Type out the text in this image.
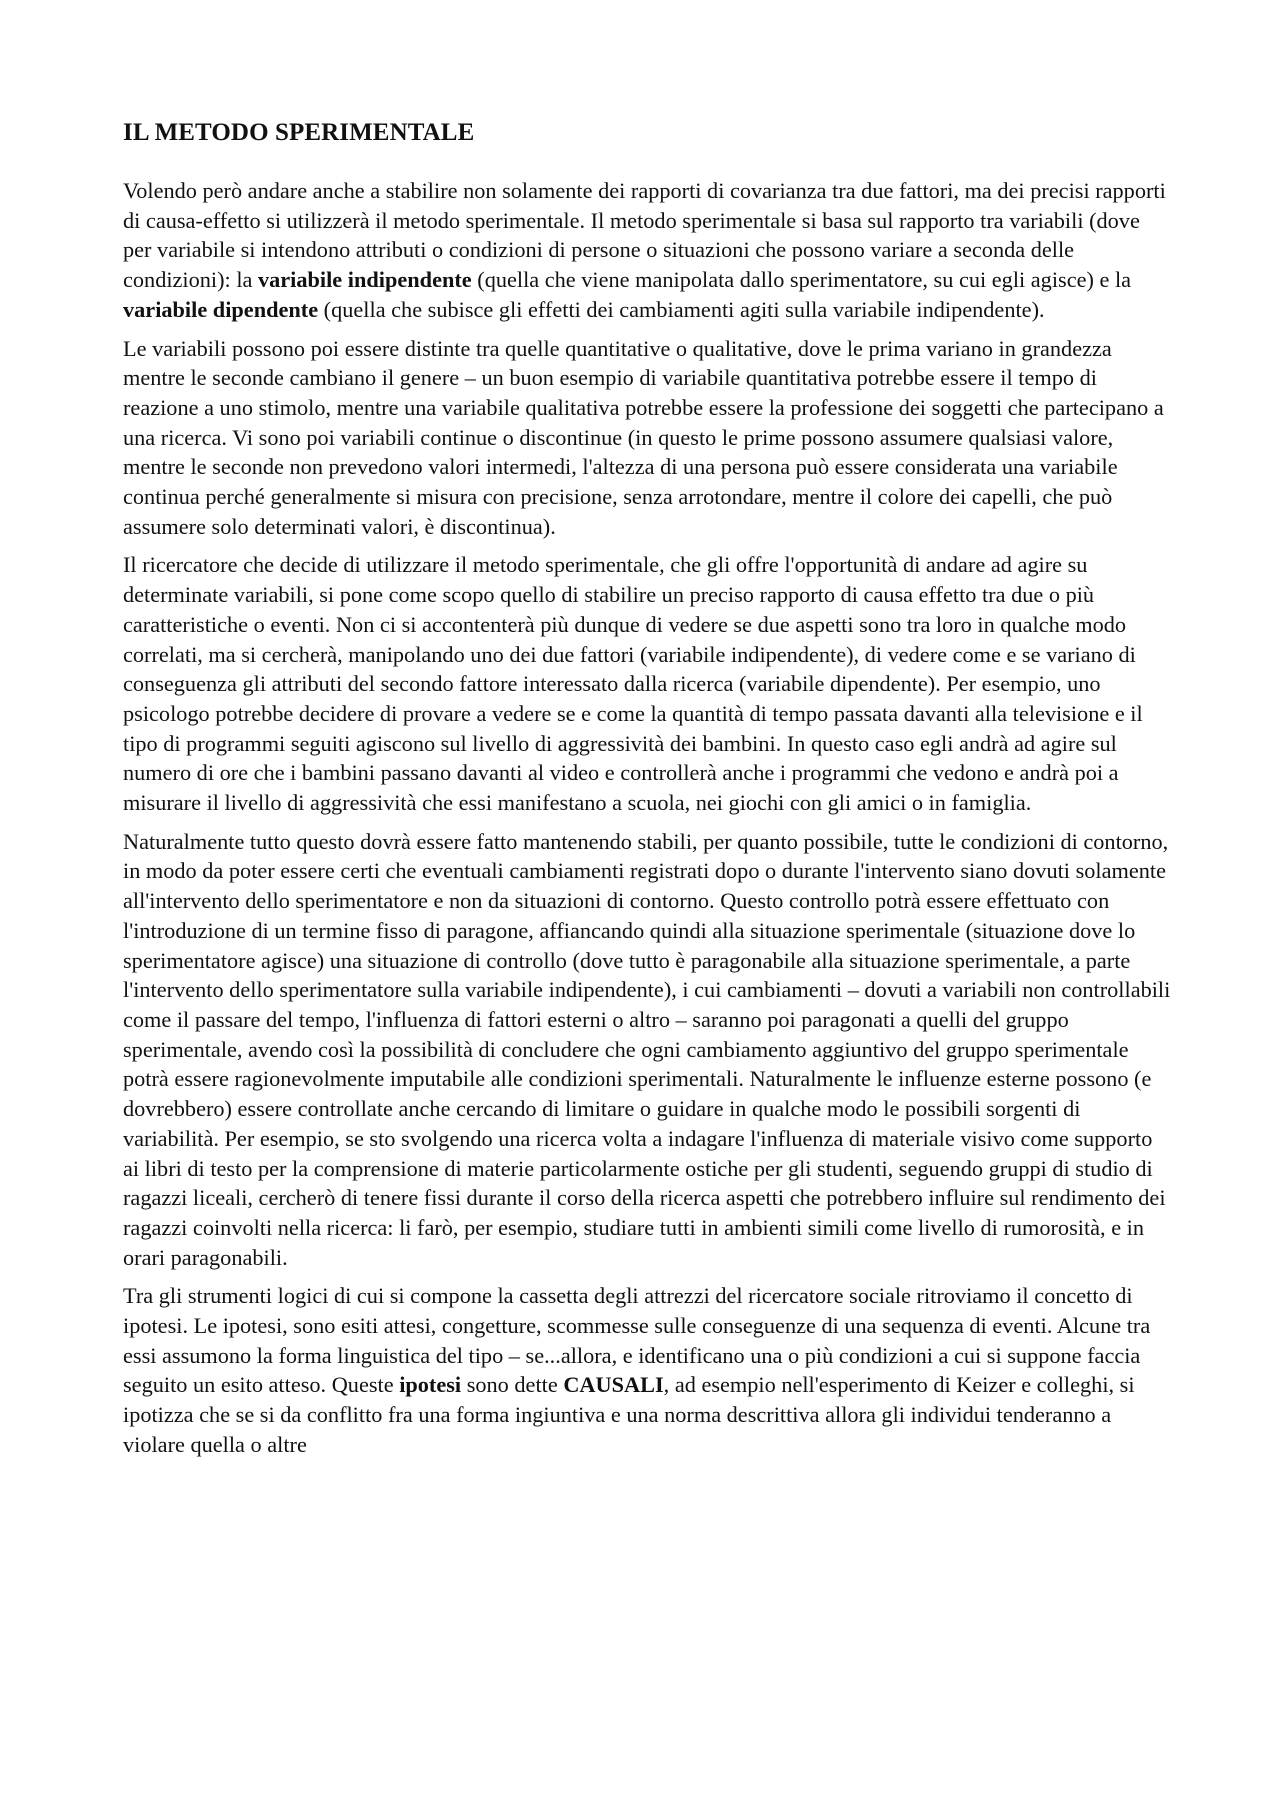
IL METODO SPERIMENTALE

Volendo però andare anche a stabilire non solamente dei rapporti di covarianza tra due fattori, ma dei precisi rapporti di causa-effetto si utilizzerà il metodo sperimentale. Il metodo sperimentale si basa sul rapporto tra variabili (dove per variabile si intendono attributi o condizioni di persone o situazioni che possono variare a seconda delle condizioni): la variabile indipendente (quella che viene manipolata dallo sperimentatore, su cui egli agisce) e la variabile dipendente (quella che subisce gli effetti dei cambiamenti agiti sulla variabile indipendente).

Le variabili possono poi essere distinte tra quelle quantitative o qualitative, dove le prima variano in grandezza mentre le seconde cambiano il genere – un buon esempio di variabile quantitativa potrebbe essere il tempo di reazione a uno stimolo, mentre una variabile qualitativa potrebbe essere la professione dei soggetti che partecipano a una ricerca. Vi sono poi variabili continue o discontinue (in questo le prime possono assumere qualsiasi valore, mentre le seconde non prevedono valori intermedi, l'altezza di una persona può essere considerata una variabile continua perché generalmente si misura con precisione, senza arrotondare, mentre il colore dei capelli, che può assumere solo determinati valori, è discontinua).

Il ricercatore che decide di utilizzare il metodo sperimentale, che gli offre l'opportunità di andare ad agire su determinate variabili, si pone come scopo quello di stabilire un preciso rapporto di causa effetto tra due o più caratteristiche o eventi. Non ci si accontenterà più dunque di vedere se due aspetti sono tra loro in qualche modo correlati, ma si cercherà, manipolando uno dei due fattori (variabile indipendente), di vedere come e se variano di conseguenza gli attributi del secondo fattore interessato dalla ricerca (variabile dipendente). Per esempio, uno psicologo potrebbe decidere di provare a vedere se e come la quantità di tempo passata davanti alla televisione e il tipo di programmi seguiti agiscono sul livello di aggressività dei bambini. In questo caso egli andrà ad agire sul numero di ore che i bambini passano davanti al video e controllerà anche i programmi che vedono e andrà poi a misurare il livello di aggressività che essi manifestano a scuola, nei giochi con gli amici o in famiglia.

Naturalmente tutto questo dovrà essere fatto mantenendo stabili, per quanto possibile, tutte le condizioni di contorno, in modo da poter essere certi che eventuali cambiamenti registrati dopo o durante l'intervento siano dovuti solamente all'intervento dello sperimentatore e non da situazioni di contorno. Questo controllo potrà essere effettuato con l'introduzione di un termine fisso di paragone, affiancando quindi alla situazione sperimentale (situazione dove lo sperimentatore agisce) una situazione di controllo (dove tutto è paragonabile alla situazione sperimentale, a parte l'intervento dello sperimentatore sulla variabile indipendente), i cui cambiamenti – dovuti a variabili non controllabili come il passare del tempo, l'influenza di fattori esterni o altro – saranno poi paragonati a quelli del gruppo sperimentale, avendo così la possibilità di concludere che ogni cambiamento aggiuntivo del gruppo sperimentale potrà essere ragionevolmente imputabile alle condizioni sperimentali. Naturalmente le influenze esterne possono (e dovrebbero) essere controllate anche cercando di limitare o guidare in qualche modo le possibili sorgenti di variabilità. Per esempio, se sto svolgendo una ricerca volta a indagare l'influenza di materiale visivo come supporto ai libri di testo per la comprensione di materie particolarmente ostiche per gli studenti, seguendo gruppi di studio di ragazzi liceali, cercherò di tenere fissi durante il corso della ricerca aspetti che potrebbero influire sul rendimento dei ragazzi coinvolti nella ricerca: li farò, per esempio, studiare tutti in ambienti simili come livello di rumorosità, e in orari paragonabili.

Tra gli strumenti logici di cui si compone la cassetta degli attrezzi del ricercatore sociale ritroviamo il concetto di ipotesi. Le ipotesi, sono esiti attesi, congetture, scommesse sulle conseguenze di una sequenza di eventi. Alcune tra essi assumono la forma linguistica del tipo – se...allora, e identificano una o più condizioni a cui si suppone faccia seguito un esito atteso. Queste ipotesi sono dette CAUSALI, ad esempio nell'esperimento di Keizer e colleghi, si ipotizza che se si da conflitto fra una forma ingiuntiva e una norma descrittiva allora gli individui tenderanno a violare quella o altre
